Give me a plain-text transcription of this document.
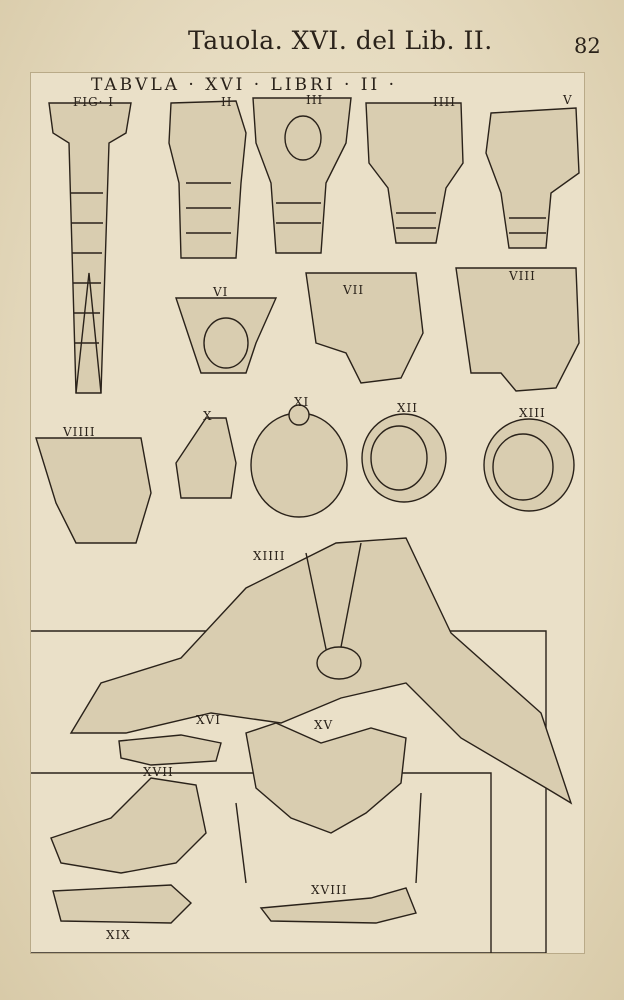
Tauola. XVI. del Lib. II.	82
TABVLA · XVI · LIBRI · II ·
FIG· I	II	III	IIII	V
VI	VII
VIII
VIIII
X
XI	XII	XIII
XIIII
XV
XVI
XVII
XVIII
XIX
